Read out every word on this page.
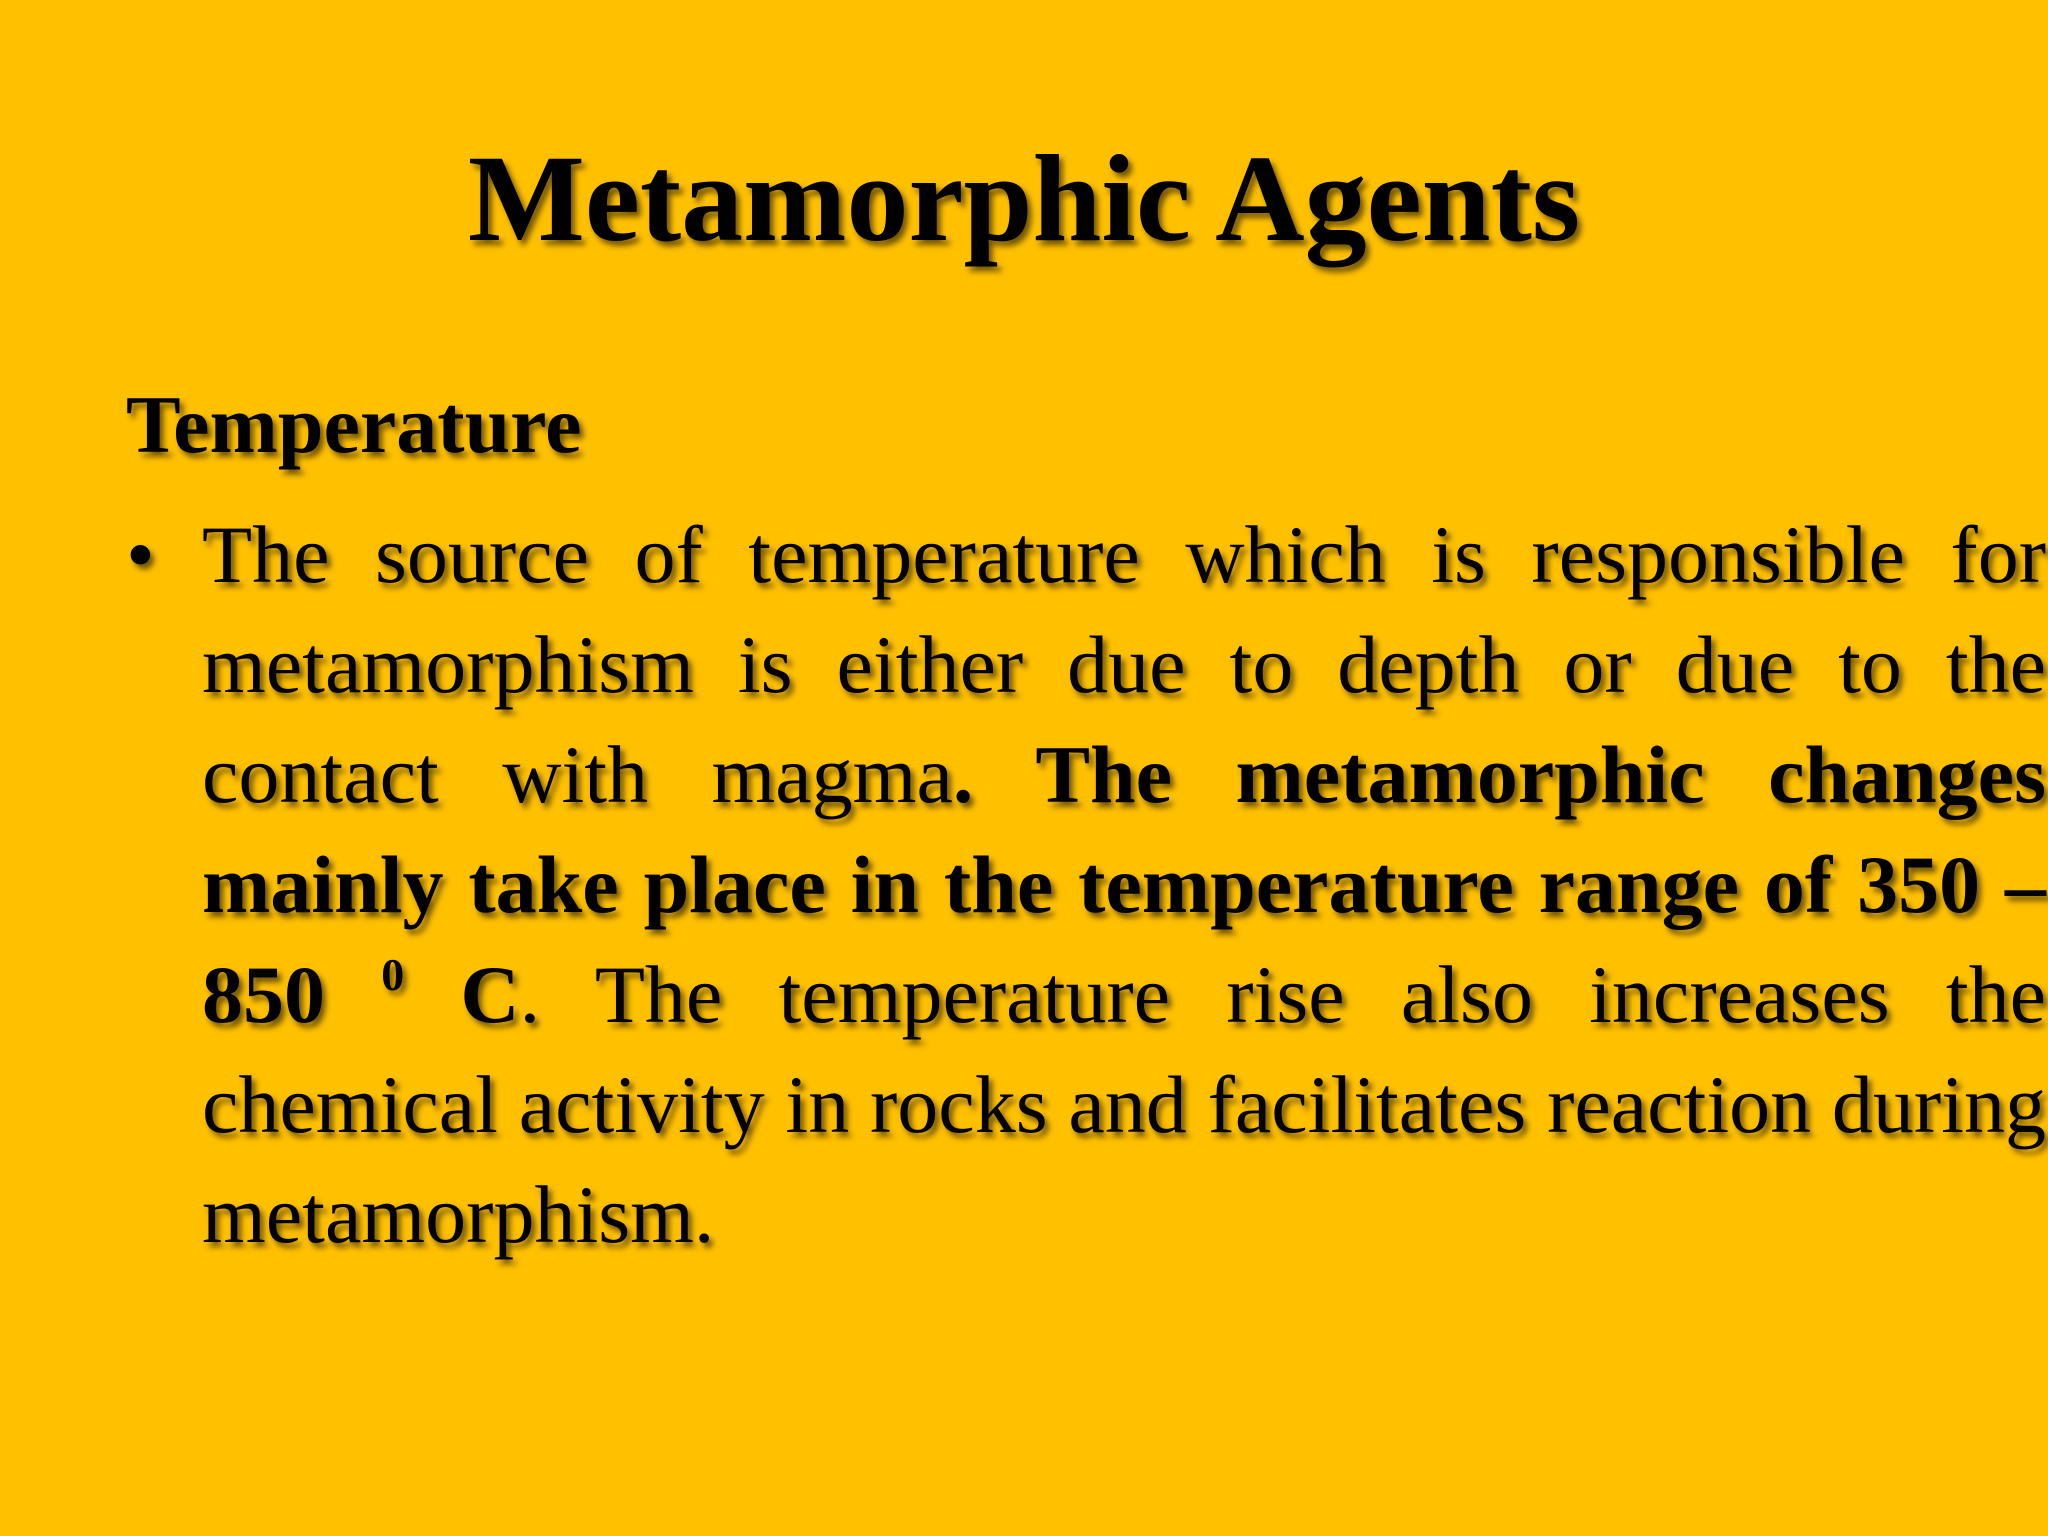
Metamorphic Agents
Temperature
• The source of temperature which is responsible for metamorphism is either due to depth or due to the contact with magma. The metamorphic changes mainly take place in the temperature range of 350 – 850 $^0$ C. The temperature rise also increases the chemical activity in rocks and facilitates reaction during metamorphism.
